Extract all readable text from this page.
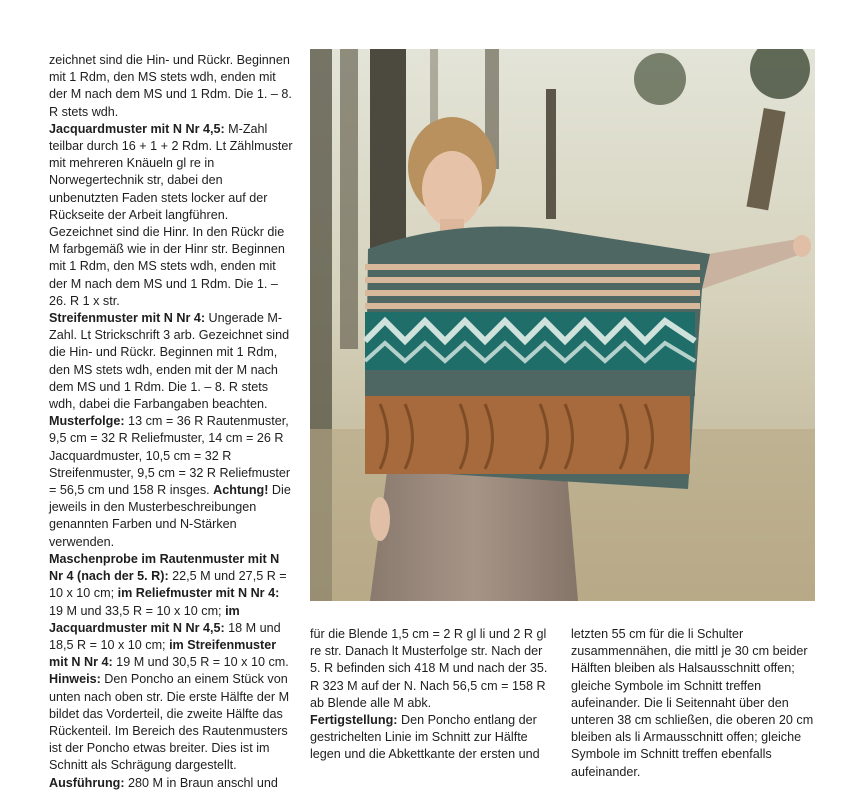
zeichnet sind die Hin- und Rückr. Beginnen mit 1 Rdm, den MS stets wdh, enden mit der M nach dem MS und 1 Rdm. Die 1. – 8. R stets wdh.

Jacquardmuster mit N Nr 4,5: M-Zahl teilbar durch 16 + 1 + 2 Rdm. Lt Zählmuster mit mehreren Knäueln gl re in Norwegertechnik str, dabei den unbenutzten Faden stets locker auf der Rückseite der Arbeit langführen. Gezeichnet sind die Hinr. In den Rückr die M farbgemäß wie in der Hinr str. Beginnen mit 1 Rdm, den MS stets wdh, enden mit der M nach dem MS und 1 Rdm. Die 1. – 26. R 1 x str.

Streifenmuster mit N Nr 4: Ungerade M-Zahl. Lt Strickschrift 3 arb. Gezeichnet sind die Hin- und Rückr. Beginnen mit 1 Rdm, den MS stets wdh, enden mit der M nach dem MS und 1 Rdm. Die 1. – 8. R stets wdh, dabei die Farbangaben beachten.

Musterfolge: 13 cm = 36 R Rautenmuster, 9,5 cm = 32 R Reliefmuster, 14 cm = 26 R Jacquardmuster, 10,5 cm = 32 R Streifenmuster, 9,5 cm = 32 R Reliefmuster = 56,5 cm und 158 R insges. Achtung! Die jeweils in den Musterbeschreibungen genannten Farben und N-Stärken verwenden.

Maschenprobe im Rautenmuster mit N Nr 4 (nach der 5. R): 22,5 M und 27,5 R = 10 x 10 cm; im Reliefmuster mit N Nr 4: 19 M und 33,5 R = 10 x 10 cm; im Jacquardmuster mit N Nr 4,5: 18 M und 18,5 R = 10 x 10 cm; im Streifenmuster mit N Nr 4: 19 M und 30,5 R = 10 x 10 cm.

Hinweis: Den Poncho an einem Stück von unten nach oben str. Die erste Hälfte der M bildet das Vorderteil, die zweite Hälfte das Rückenteil. Im Bereich des Rautenmusters ist der Poncho etwas breiter. Dies ist im Schnitt als Schrägung dargestellt.

Ausführung: 280 M in Braun anschl und

für die Blende 1,5 cm = 2 R gl li und 2 R gl re str. Danach lt Musterfolge str. Nach der 5. R befinden sich 418 M und nach der 35. R 323 M auf der N. Nach 56,5 cm = 158 R ab Blende alle M abk.

Fertigstellung: Den Poncho entlang der gestrichelten Linie im Schnitt zur Hälfte legen und die Abkettkante der ersten und

letzten 55 cm für die li Schulter zusammennähen, die mittl je 30 cm beider Hälften bleiben als Halsausschnitt offen; gleiche Symbole im Schnitt treffen aufeinander. Die li Seitennaht über den unteren 38 cm schließen, die oberen 20 cm bleiben als li Armausschnitt offen; gleiche Symbole im Schnitt treffen ebenfalls aufeinander.
